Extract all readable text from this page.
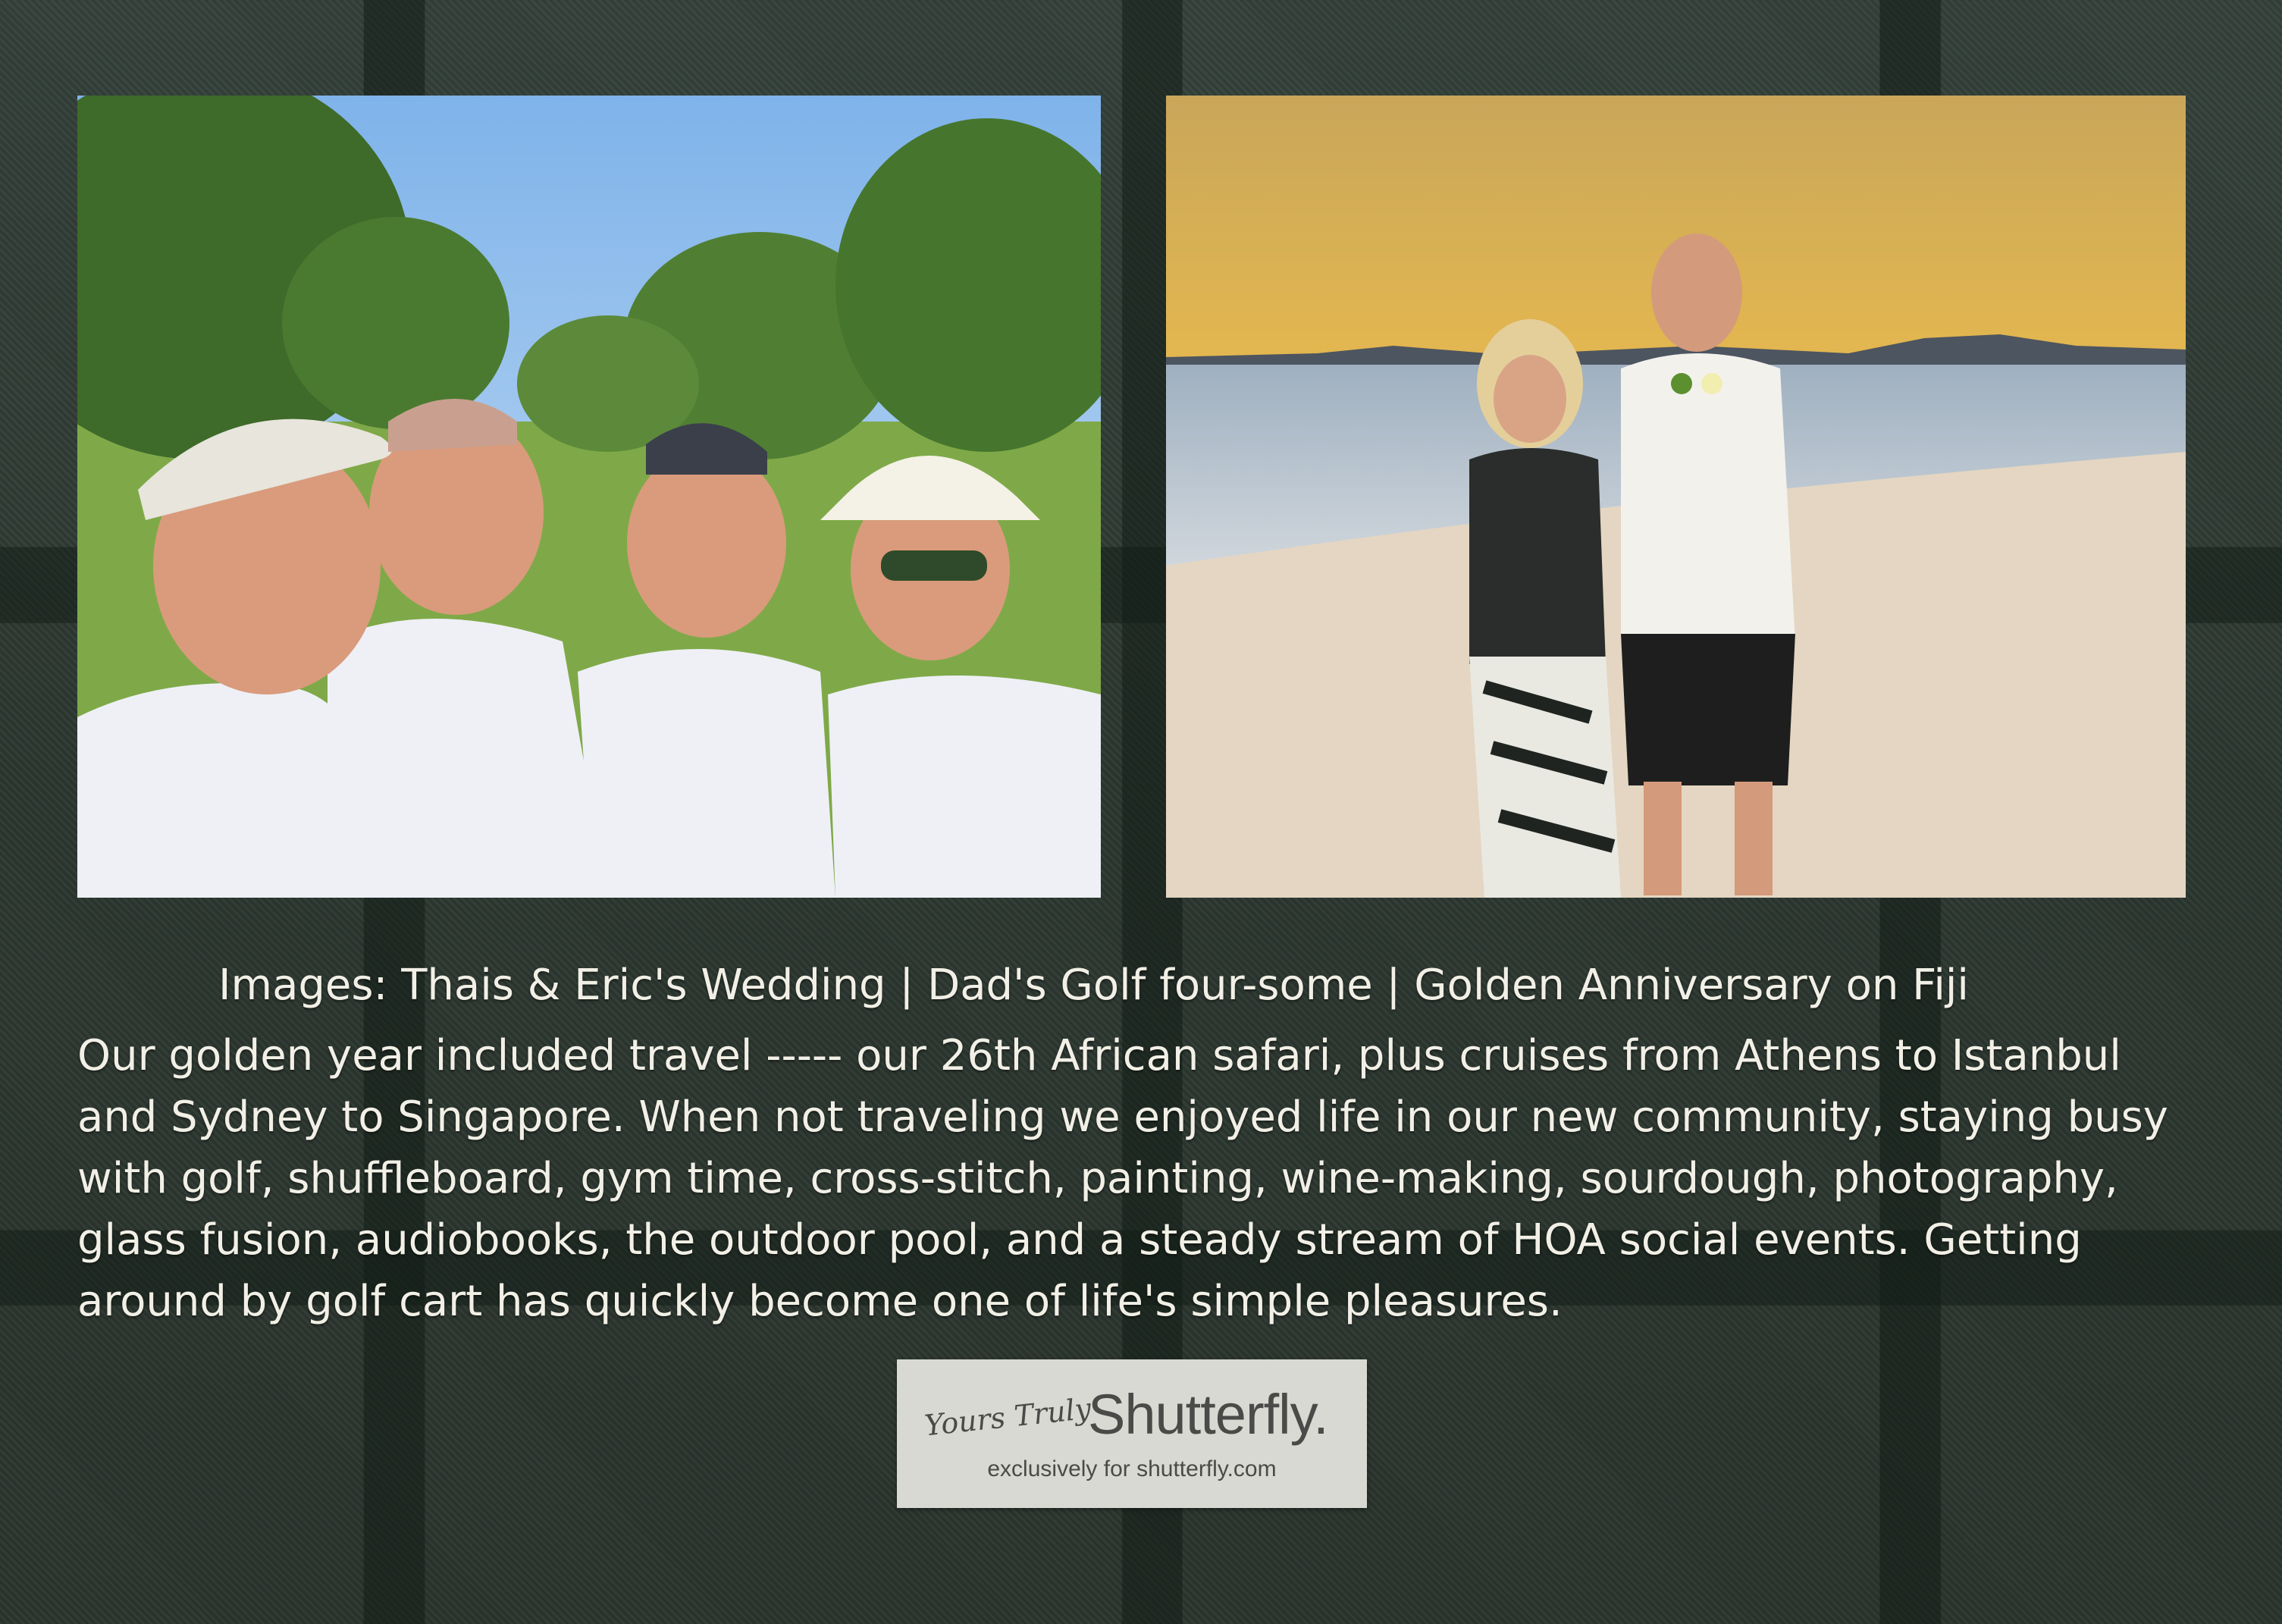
Images: Thais & Eric's Wedding | Dad's Golf four-some | Golden Anniversary on Fiji
Our golden year included travel ----- our 26th African safari, plus cruises from Athens to Istanbul
and Sydney to Singapore. When not traveling we enjoyed life in our new community, staying busy
with golf, shuffleboard, gym time, cross-stitch, painting, wine-making, sourdough, photography,
glass fusion, audiobooks, the outdoor pool, and a steady stream of HOA social events. Getting
around by golf cart has quickly become one of life's simple pleasures.
Yours Truly
Shutterfly.
exclusively for shutterfly.com
